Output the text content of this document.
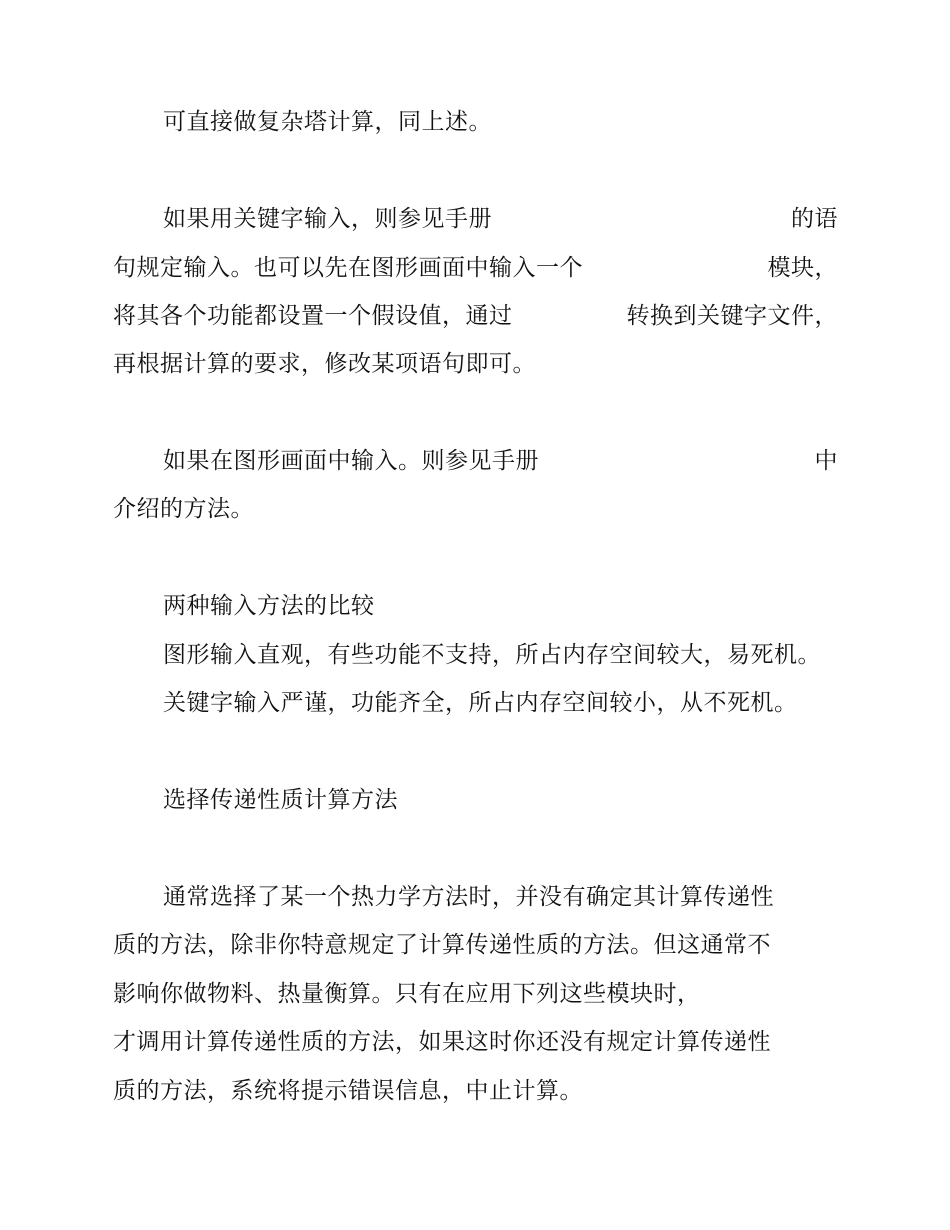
可直接做复杂塔计算，同上述。
如果用关键字输入，则参见手册	的语
句规定输入。也可以先在图形画面中输入一个	模块，
将其各个功能都设置一个假设值，通过	转换到关键字文件，
再根据计算的要求，修改某项语句即可。
如果在图形画面中输入。则参见手册	中
介绍的方法。
两种输入方法的比较
图形输入直观，有些功能不支持，所占内存空间较大，易死机。
关键字输入严谨，功能齐全，所占内存空间较小，从不死机。
选择传递性质计算方法
通常选择了某一个热力学方法时，并没有确定其计算传递性
质的方法，除非你特意规定了计算传递性质的方法。但这通常不
影响你做物料、热量衡算。只有在应用下列这些模块时，
才调用计算传递性质的方法，如果这时你还没有规定计算传递性
质的方法，系统将提示错误信息，中止计算。
